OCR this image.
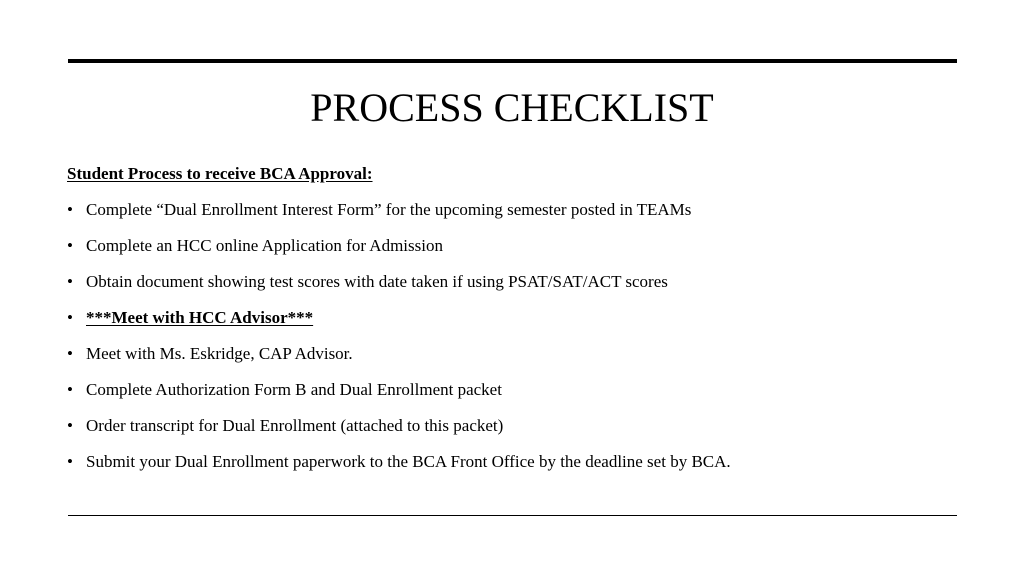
PROCESS CHECKLIST
Student Process to receive BCA Approval:
• Complete “Dual Enrollment Interest Form” for the upcoming semester posted in TEAMs
• Complete an HCC online Application for Admission
• Obtain document showing test scores with date taken if using PSAT/SAT/ACT scores
• ***Meet with HCC Advisor***
• Meet with Ms. Eskridge, CAP Advisor.
• Complete Authorization Form B and Dual Enrollment packet
• Order transcript for Dual Enrollment (attached to this packet)
• Submit your Dual Enrollment paperwork to the BCA Front Office by the deadline set by BCA.
